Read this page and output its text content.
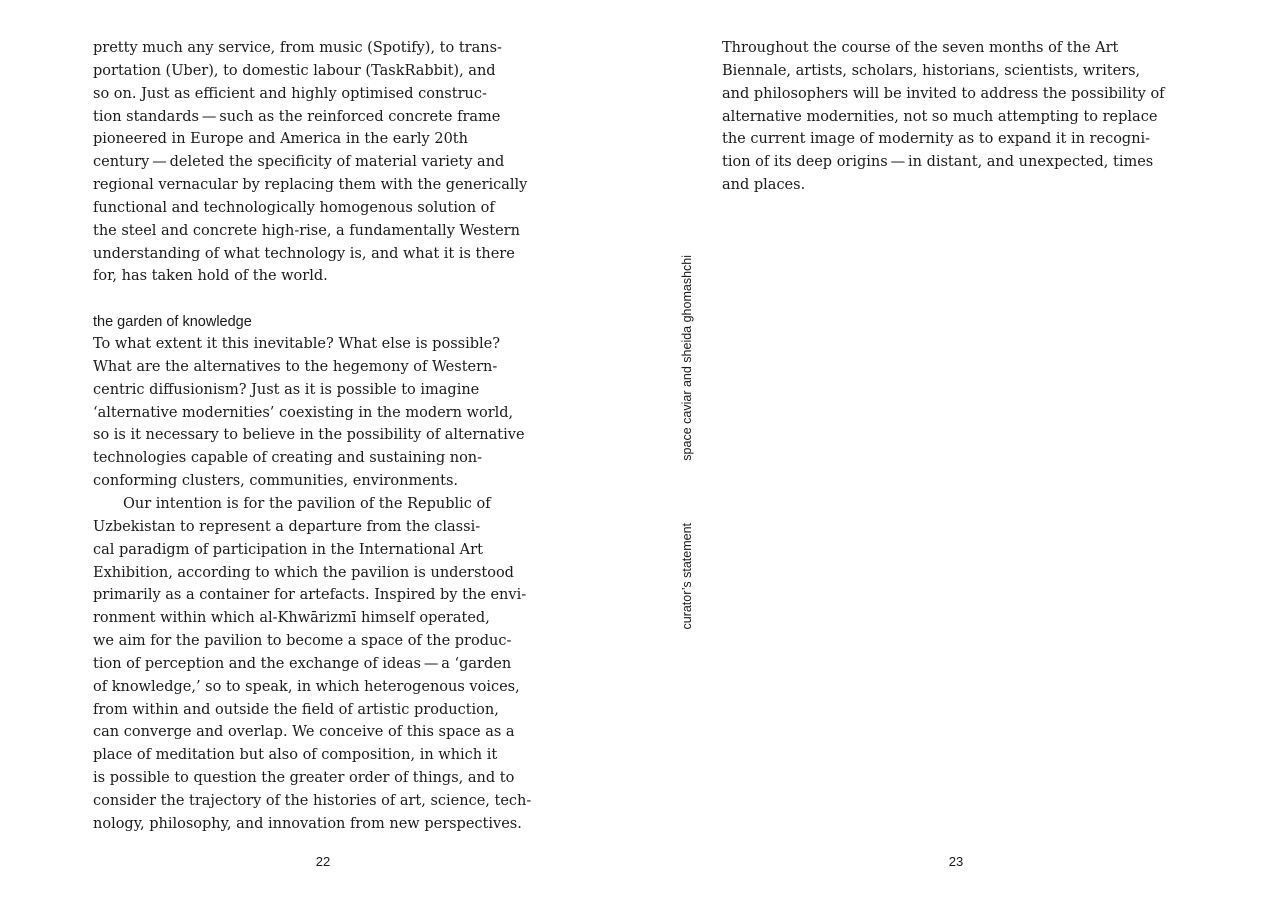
pretty much any service, from music (Spotify), to trans-
portation (Uber), to domestic labour (TaskRabbit), and
so on. Just as efficient and highly optimised construc-
tion standards — such as the reinforced concrete frame
pioneered in Europe and America in the early 20th
century — deleted the specificity of material variety and
regional vernacular by replacing them with the generically
functional and technologically homogenous solution of
the steel and concrete high-rise, a fundamentally Western
understanding of what technology is, and what it is there
for, has taken hold of the world.

the garden of knowledge

To what extent it this inevitable? What else is possible?
What are the alternatives to the hegemony of Western-
centric diffusionism? Just as it is possible to imagine
‘alternative modernities’ coexisting in the modern world,
so is it necessary to believe in the possibility of alternative
technologies capable of creating and sustaining non-
conforming clusters, communities, environments.

Our intention is for the pavilion of the Republic of
Uzbekistan to represent a departure from the classi-
cal paradigm of participation in the International Art
Exhibition, according to which the pavilion is understood
primarily as a container for artefacts. Inspired by the envi-
ronment within which al-Khwārizmī himself operated,
we aim for the pavilion to become a space of the produc-
tion of perception and the exchange of ideas — a ‘garden
of knowledge,’ so to speak, in which heterogenous voices,
from within and outside the field of artistic production,
can converge and overlap. We conceive of this space as a
place of meditation but also of composition, in which it
is possible to question the greater order of things, and to
consider the trajectory of the histories of art, science, tech-
nology, philosophy, and innovation from new perspectives.

22
space caviar and sheida ghomashchi
curator’s statement

Throughout the course of the seven months of the Art
Biennale, artists, scholars, historians, scientists, writers,
and philosophers will be invited to address the possibility of
alternative modernities, not so much attempting to replace
the current image of modernity as to expand it in recogni-
tion of its deep origins — in distant, and unexpected, times
and places.

23
